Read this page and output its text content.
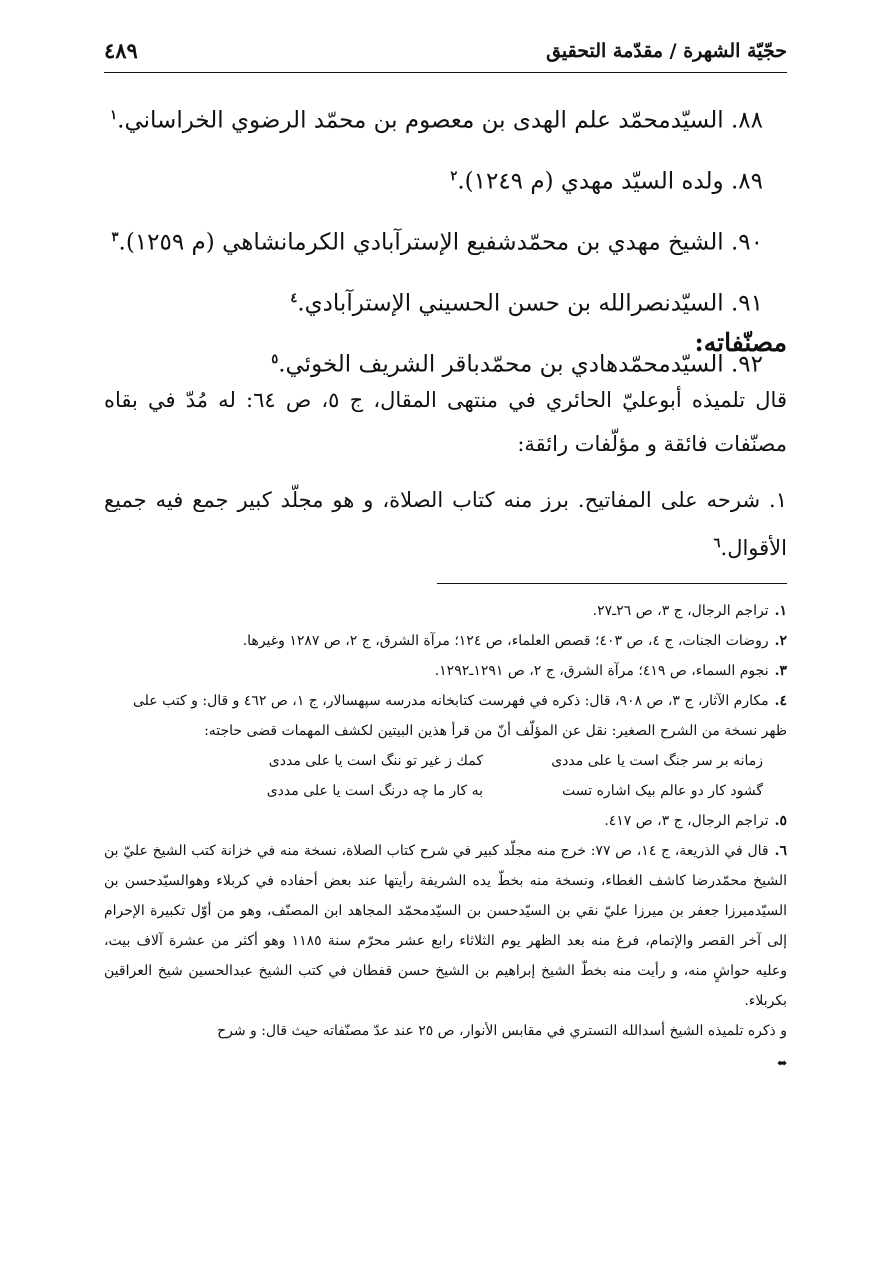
حجّيّة الشهرة / مقدّمة التحقيق
٤٨٩
٨٨. السيّدمحمّد علم الهدى بن معصوم بن محمّد الرضوي الخراساني.$^١$
٨٩. ولده السيّد مهدي (م ١٢٤٩).$^٢$
٩٠. الشيخ مهدي بن محمّدشفيع الإسترآبادي الكرمانشاهي (م ١٢٥٩).$^٣$
٩١. السيّدنصرالله بن حسن الحسيني الإسترآبادي.$^٤$
٩٢. السيّدمحمّدهادي بن محمّدباقر الشريف الخوئي.$^٥$
مصنّفاته:
قال تلميذه أبوعليّ الحائري في منتهى المقال، ج ٥، ص ٦٤: له مُدّ في بقاه مصنّفات فائقة و مؤلّفات رائقة:
١. شرحه على المفاتيح. برز منه كتاب الصلاة، و هو مجلّد كبير جمع فيه جميع الأقوال.$^٦$
١.تراجم الرجال، ج ٣، ص ٢٦ـ٢٧.
٢.روضات الجنات، ج ٤، ص ٤٠٣؛ قصص العلماء، ص ١٢٤؛ مرآة الشرق، ج ٢، ص ١٢٨٧ وغيرها.
٣.نجوم السماء، ص ٤١٩؛ مرآة الشرق، ج ٢، ص ١٢٩١ـ١٢٩٢.
٤.مكارم الآثار، ج ٣، ص ٩٠٨، قال: ذكره في فهرست كتابخانه مدرسه سپهسالار، ج ١، ص ٤٦٢ و قال: و كتب على
ظهر نسخة من الشرح الصغير: نقل عن المؤلّف أنّ من قرأ هذين البيتين لكشف المهمات قضى حاجته:
زمانه بر سر جنگ است يا على مددى
كمك ز غير تو ننگ است يا على مددى
گشود كار دو عالم بيک اشاره تست
به كار ما چه درنگ است يا على مددى
٥.تراجم الرجال، ج ٣، ص ٤١٧.
٦.قال في الذريعة، ج ١٤، ص ٧٧: خرج منه مجلّد كبير في شرح كتاب الصلاة، نسخة منه في خزانة كتب الشيخ عليّ بن الشيخ محمّدرضا كاشف الغطاء، ونسخة منه بخطّ يده الشريفة رأيتها عند بعض أحفاده في كربلاء وهوالسيّدحسن بن السيّدميرزا جعفر بن ميرزا عليّ نقي بن السيّدحسن بن السيّدمحمّد المجاهد ابن المصنّف، وهو من أوّل تكبيرة الإحرام إلى آخر القصر والإتمام، فرغ منه بعد الظهر يوم الثلاثاء رابع عشر محرّم سنة ١١٨٥ وهو أكثر من عشرة آلاف بيت، وعليه حواشٍ منه، و رأيت منه بخطّ الشيخ إبراهيم بن الشيخ حسن قفطان في كتب الشيخ عبدالحسين شيخ العراقين بكربلاء.
و ذكره تلميذه الشيخ أسدالله التستري في مقابس الأنوار، ص ٢٥ عند عدّ مصنّفاته حيث قال: و شرح
⬌
